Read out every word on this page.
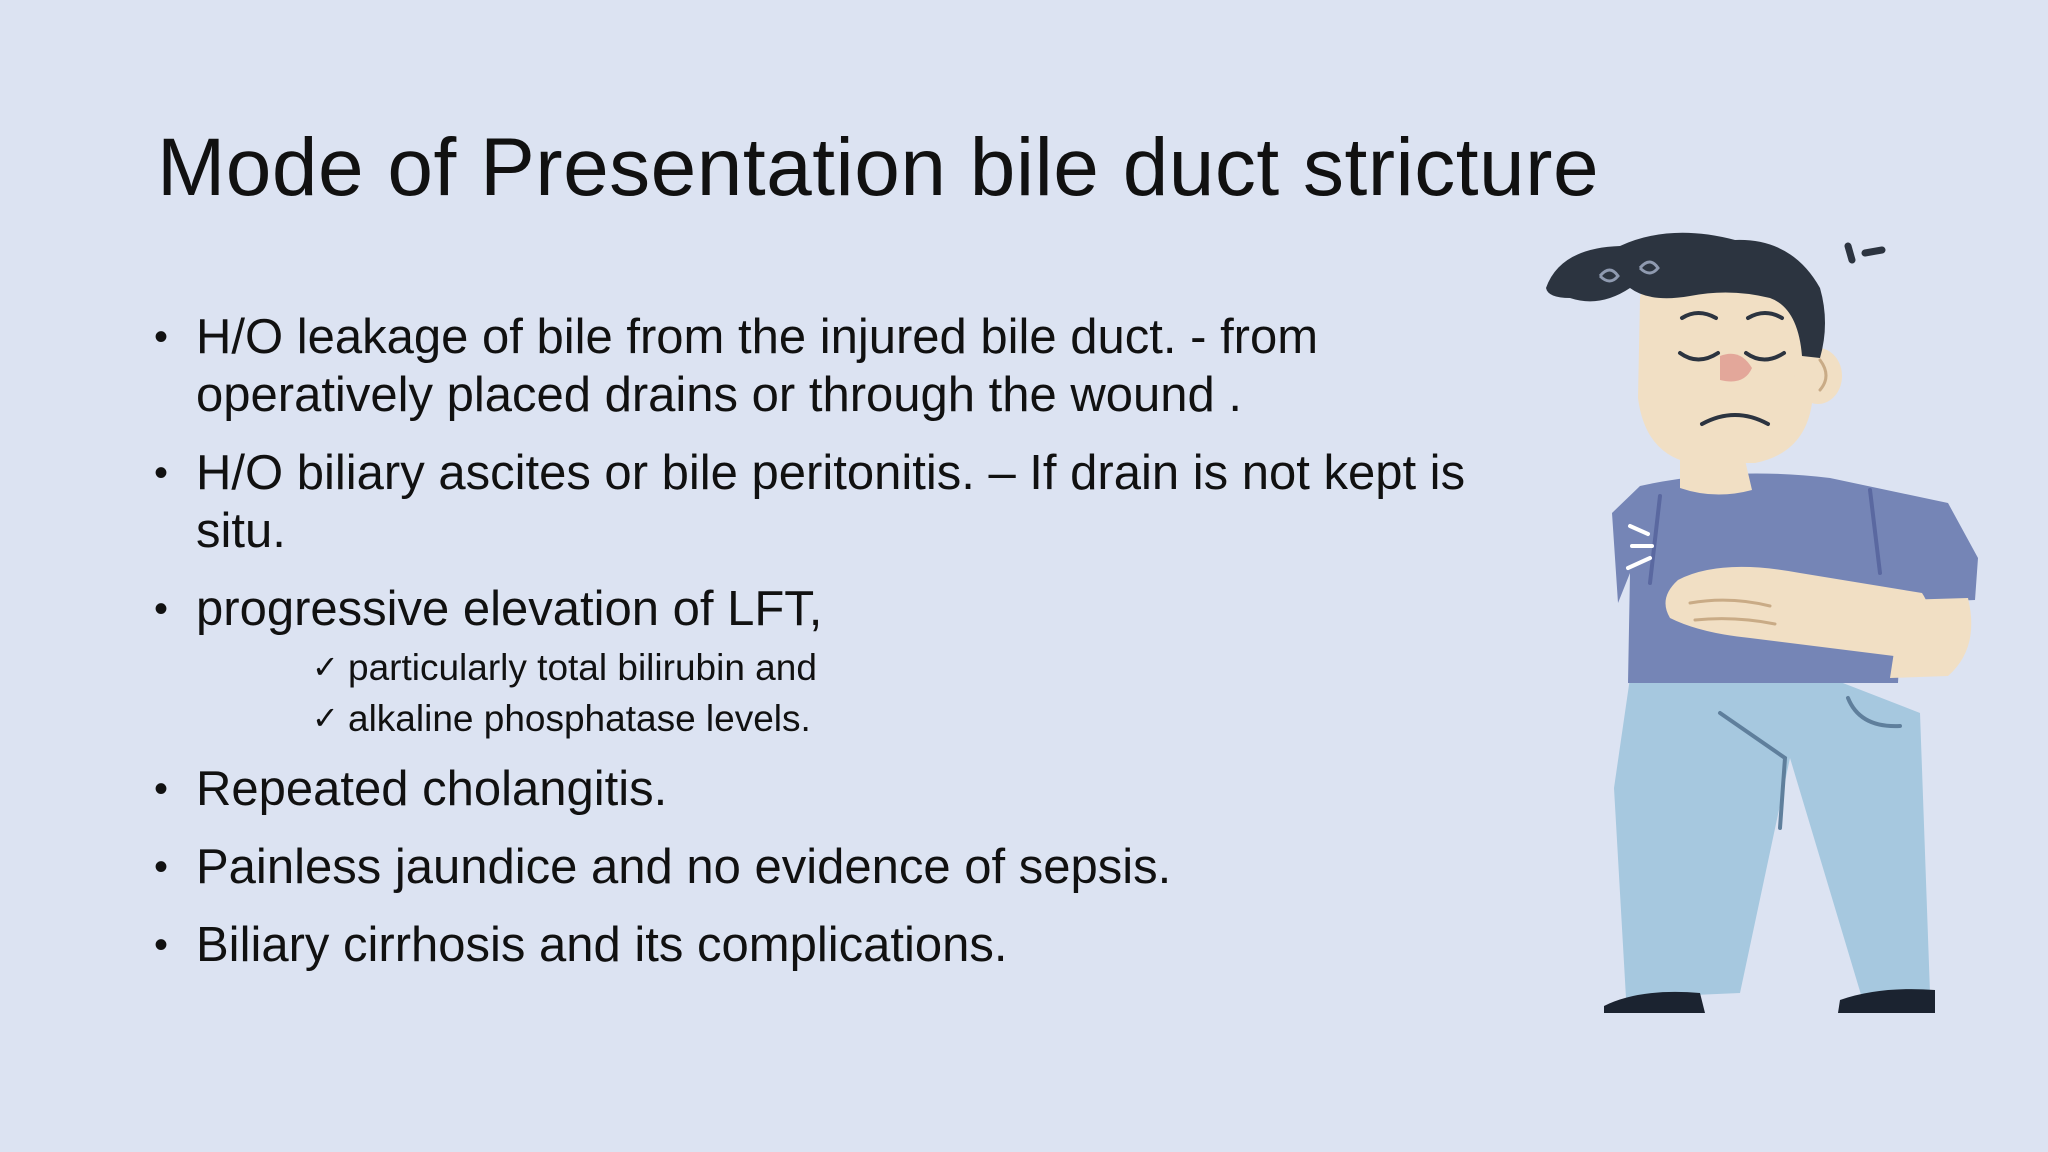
Mode of Presentation bile duct stricture
• H/O leakage of bile from the injured bile duct. - from operatively placed drains or through the wound .
• H/O biliary ascites or bile peritonitis. – If drain is not kept is situ.
• progressive elevation of LFT,
✓ particularly total bilirubin and
✓ alkaline phosphatase levels.
• Repeated cholangitis.
• Painless jaundice and no evidence of sepsis.
• Biliary cirrhosis and its complications.
